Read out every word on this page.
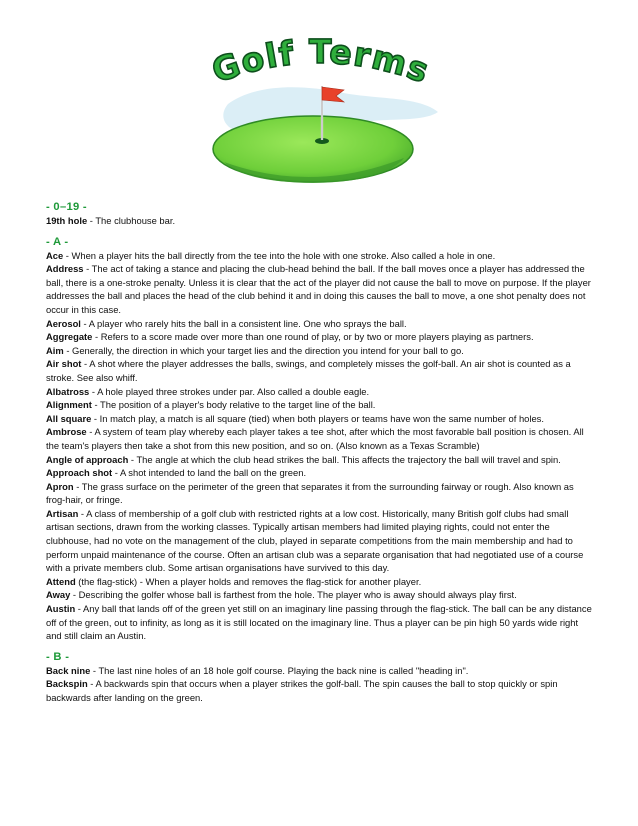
Golf Terms
- 0–19 -

19th hole - The clubhouse bar.

- A -

Ace - When a player hits the ball directly from the tee into the hole with one stroke. Also called a hole in one.

Address - The act of taking a stance and placing the club-head behind the ball. If the ball moves once a player has addressed the ball, there is a one-stroke penalty. Unless it is clear that the act of the player did not cause the ball to move on purpose. If the player addresses the ball and places the head of the club behind it and in doing this causes the ball to move, a one shot penalty does not occur in this case.

Aerosol - A player who rarely hits the ball in a consistent line. One who sprays the ball.

Aggregate - Refers to a score made over more than one round of play, or by two or more players playing as partners.

Aim - Generally, the direction in which your target lies and the direction you intend for your ball to go.

Air shot - A shot where the player addresses the balls, swings, and completely misses the golf-ball. An air shot is counted as a stroke. See also whiff.

Albatross - A hole played three strokes under par. Also called a double eagle.

Alignment - The position of a player's body relative to the target line of the ball.

All square - In match play, a match is all square (tied) when both players or teams have won the same number of holes.

Ambrose - A system of team play whereby each player takes a tee shot, after which the most favorable ball position is chosen. All the team's players then take a shot from this new position, and so on. (Also known as a Texas Scramble)

Angle of approach - The angle at which the club head strikes the ball. This affects the trajectory the ball will travel and spin.

Approach shot - A shot intended to land the ball on the green.

Apron - The grass surface on the perimeter of the green that separates it from the surrounding fairway or rough. Also known as frog-hair, or fringe.

Artisan - A class of membership of a golf club with restricted rights at a low cost. Historically, many British golf clubs had small artisan sections, drawn from the working classes. Typically artisan members had limited playing rights, could not enter the clubhouse, had no vote on the management of the club, played in separate competitions from the main membership and had to perform unpaid maintenance of the course. Often an artisan club was a separate organisation that had negotiated use of a course with a private members club. Some artisan organisations have survived to this day.

Attend (the flag-stick) - When a player holds and removes the flag-stick for another player.

Away - Describing the golfer whose ball is farthest from the hole. The player who is away should always play first.

Austin - Any ball that lands off of the green yet still on an imaginary line passing through the flag-stick. The ball can be any distance off of the green, out to infinity, as long as it is still located on the imaginary line. Thus a player can be pin high 50 yards wide right and still claim an Austin.

- B -

Back nine - The last nine holes of an 18 hole golf course. Playing the back nine is called "heading in".

Backspin - A backwards spin that occurs when a player strikes the golf-ball. The spin causes the ball to stop quickly or spin backwards after landing on the green.
